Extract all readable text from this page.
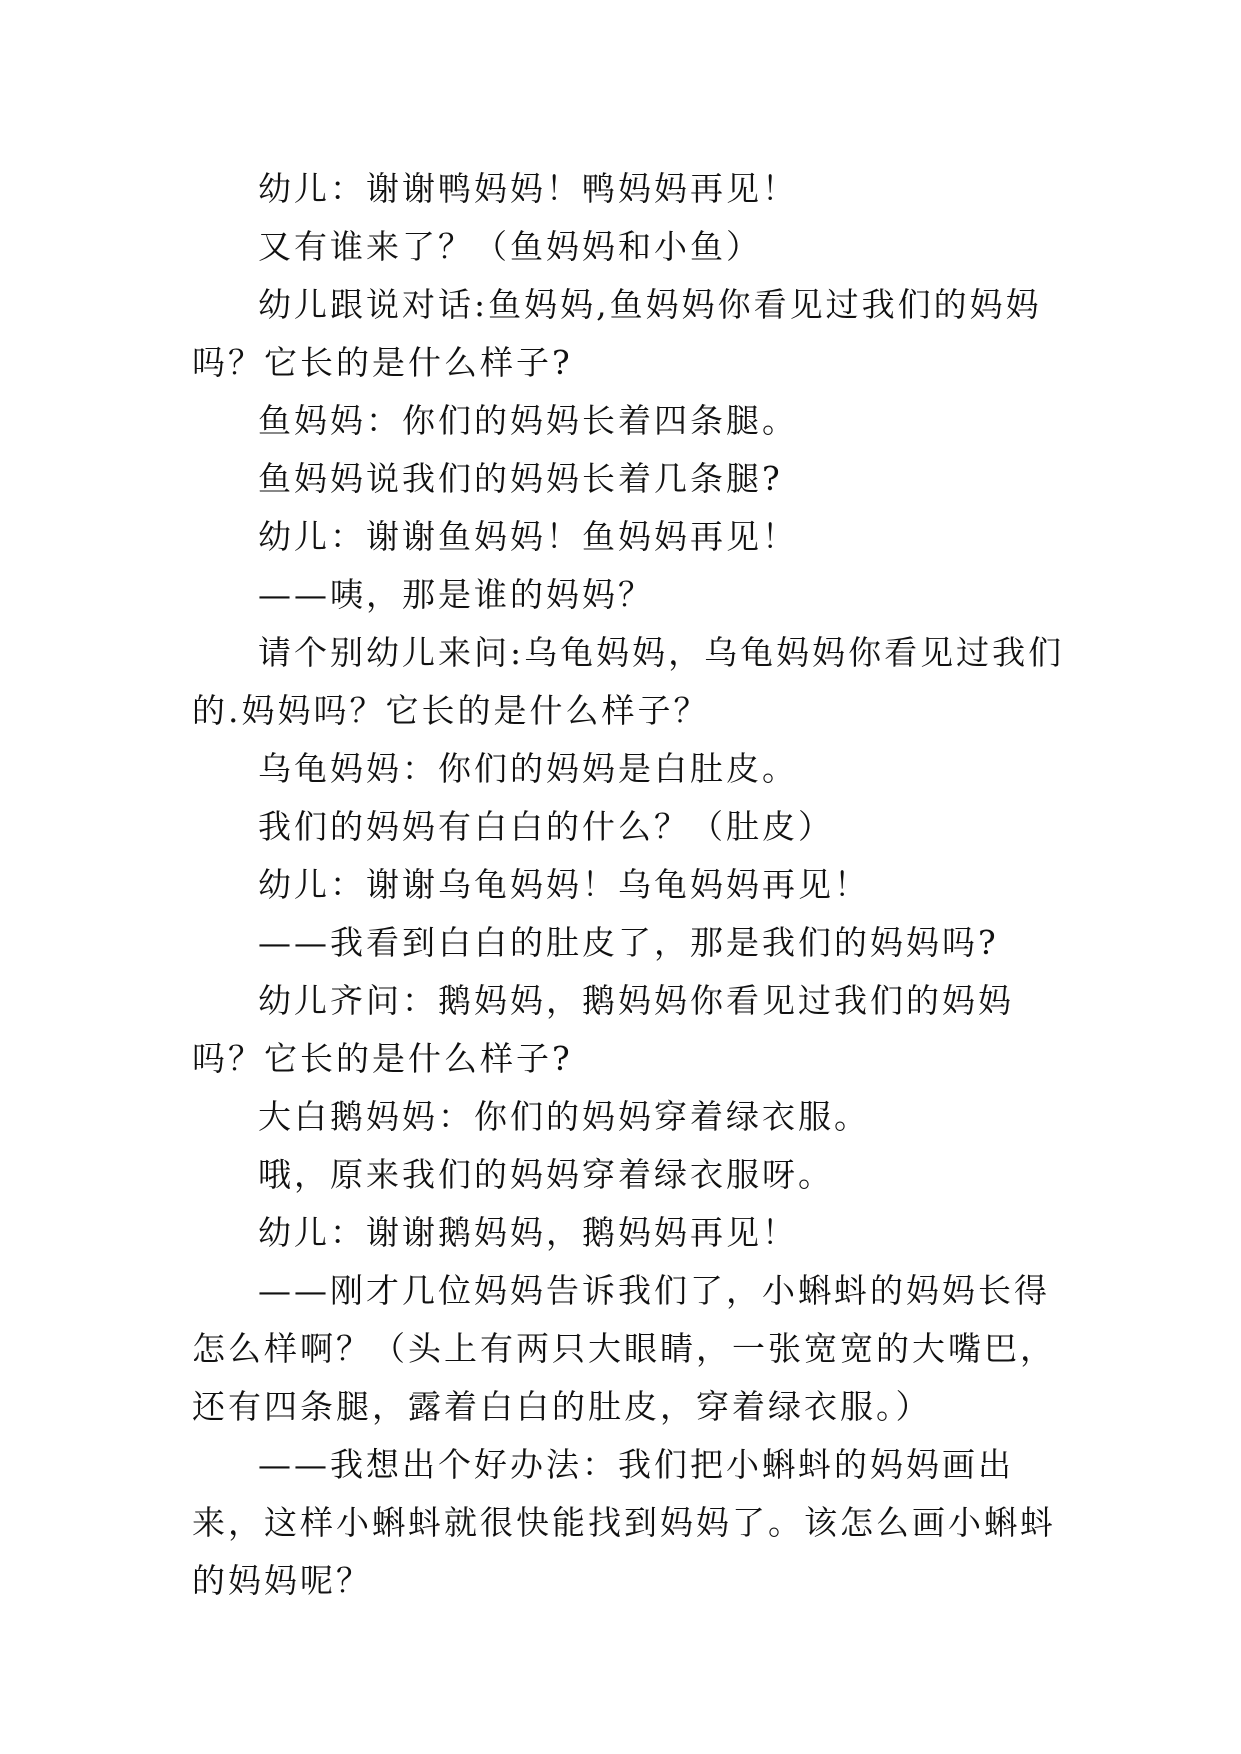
幼儿：谢谢鸭妈妈！鸭妈妈再见！

又有谁来了？（鱼妈妈和小鱼）

幼儿跟说对话:鱼妈妈,鱼妈妈你看见过我们的妈妈吗？它长的是什么样子?

鱼妈妈：你们的妈妈长着四条腿。

鱼妈妈说我们的妈妈长着几条腿?

幼儿：谢谢鱼妈妈！鱼妈妈再见！

——咦，那是谁的妈妈？

请个别幼儿来问:乌龟妈妈，乌龟妈妈你看见过我们的.妈妈吗？它长的是什么样子？

乌龟妈妈：你们的妈妈是白肚皮。

我们的妈妈有白白的什么？（肚皮）

幼儿：谢谢乌龟妈妈！乌龟妈妈再见！

——我看到白白的肚皮了，那是我们的妈妈吗?

幼儿齐问：鹅妈妈，鹅妈妈你看见过我们的妈妈吗？它长的是什么样子?

大白鹅妈妈：你们的妈妈穿着绿衣服。

哦，原来我们的妈妈穿着绿衣服呀。

幼儿：谢谢鹅妈妈，鹅妈妈再见！

——刚才几位妈妈告诉我们了，小蝌蚪的妈妈长得怎么样啊？（头上有两只大眼睛，一张宽宽的大嘴巴，还有四条腿，露着白白的肚皮，穿着绿衣服。）

——我想出个好办法：我们把小蝌蚪的妈妈画出来，这样小蝌蚪就很快能找到妈妈了。该怎么画小蝌蚪的妈妈呢？
